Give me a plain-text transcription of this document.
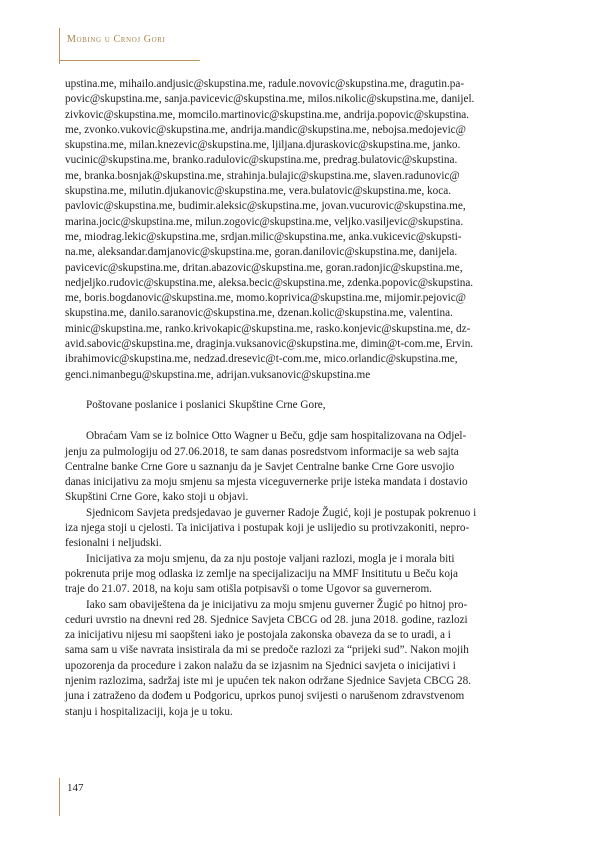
Mobing u Crnoj Gori
upstina.me, mihailo.andjusic@skupstina.me, radule.novovic@skupstina.me, dragutin.pa-
povic@skupstina.me, sanja.pavicevic@skupstina.me, milos.nikolic@skupstina.me, danijel.
zivkovic@skupstina.me, momcilo.martinovic@skupstina.me, andrija.popovic@skupstina.
me, zvonko.vukovic@skupstina.me, andrija.mandic@skupstina.me, nebojsa.medojevic@
skupstina.me, milan.knezevic@skupstina.me, ljiljana.djuraskovic@skupstina.me, janko.
vucinic@skupstina.me, branko.radulovic@skupstina.me, predrag.bulatovic@skupstina.
me, branka.bosnjak@skupstina.me, strahinja.bulajic@skupstina.me, slaven.radunovic@
skupstina.me, milutin.djukanovic@skupstina.me, vera.bulatovic@skupstina.me, koca.
pavlovic@skupstina.me, budimir.aleksic@skupstina.me, jovan.vucurovic@skupstina.me,
marina.jocic@skupstina.me, milun.zogovic@skupstina.me, veljko.vasiljevic@skupstina.
me, miodrag.lekic@skupstina.me, srdjan.milic@skupstina.me, anka.vukicevic@skupsti-
na.me, aleksandar.damjanovic@skupstina.me, goran.danilovic@skupstina.me, danijela.
pavicevic@skupstina.me, dritan.abazovic@skupstina.me, goran.radonjic@skupstina.me,
nedjeljko.rudovic@skupstina.me, aleksa.becic@skupstina.me, zdenka.popovic@skupstina.
me, boris.bogdanovic@skupstina.me, momo.koprivica@skupstina.me, mijomir.pejovic@
skupstina.me, danilo.saranovic@skupstina.me, dzenan.kolic@skupstina.me, valentina.
minic@skupstina.me, ranko.krivokapic@skupstina.me, rasko.konjevic@skupstina.me, dz-
avid.sabovic@skupstina.me, draginja.vuksanovic@skupstina.me, dimin@t-com.me, Ervin.
ibrahimovic@skupstina.me, nedzad.dresevic@t-com.me, mico.orlandic@skupstina.me,
genci.nimanbegu@skupstina.me, adrijan.vuksanovic@skupstina.me
Poštovane poslanice i poslanici Skupštine Crne Gore,
Obraćam Vam se iz bolnice Otto Wagner u Beču, gdje sam hospitalizovana na Odjel-
jenju za pulmologiju od 27.06.2018, te sam danas posredstvom informacije sa web sajta
Centralne banke Crne Gore u saznanju da je Savjet Centralne banke Crne Gore usvojio
danas inicijativu za moju smjenu sa mjesta viceguvernerke prije isteka mandata i dostavio
Skupštini Crne Gore, kako stoji u objavi.
Sjednicom Savjeta predsjedavao je guverner Radoje Žugić, koji je postupak pokrenuo i
iza njega stoji u cjelosti. Ta inicijativa i postupak koji je uslijedio su protivzakoniti, nepro-
fesionalni i neljudski.
Inicijativa za moju smjenu, da za nju postoje valjani razlozi, mogla je i morala biti
pokrenuta prije mog odlaska iz zemlje na specijalizaciju na MMF Insititutu u Beču koja
traje do 21.07. 2018, na koju sam otišla potpisavši o tome Ugovor sa guvernerom.
Iako sam obaviještena da je inicijativu za moju smjenu guverner Žugić po hitnoj pro-
ceduri uvrstio na dnevni red 28. Sjednice Savjeta CBCG od 28. juna 2018. godine, razlozi
za inicijativu nijesu mi saopšteni iako je postojala zakonska obaveza da se to uradi, a i
sama sam u više navrata insistirala da mi se predoče razlozi za “prijeki sud”. Nakon mojih
upozorenja da procedure i zakon nalažu da se izjasnim na Sjednici savjeta o inicijativi i
njenim razlozima, sadržaj iste mi je upućen tek nakon održane Sjednice Savjeta CBCG 28.
juna i zatraženo da dođem u Podgoricu, uprkos punoj svijesti o narušenom zdravstvenom
stanju i hospitalizaciji, koja je u toku.
147
